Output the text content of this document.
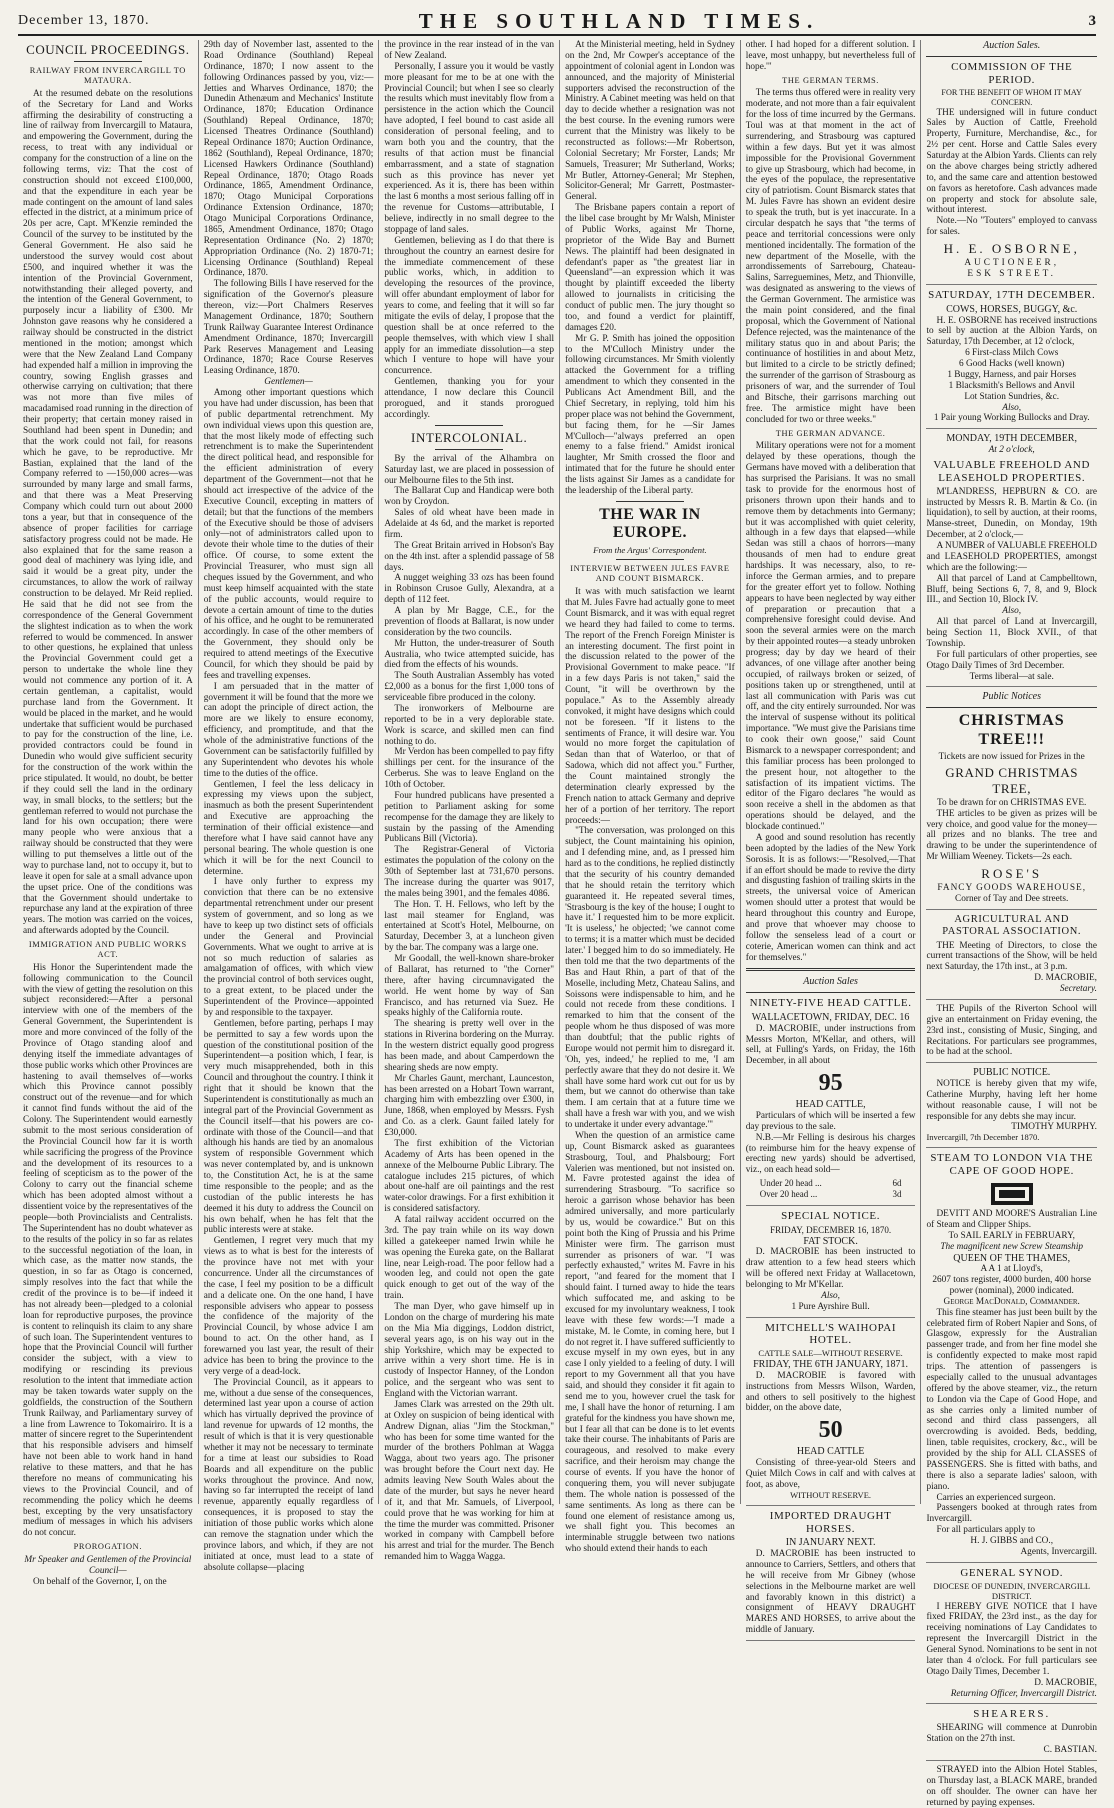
December 13, 1870.	THE SOUTHLAND TIMES.	3
COUNCIL PROCEEDINGS.
RAILWAY FROM INVERCARGILL TO MATAURA.

At the resumed debate on the resolutions of the Secretary for Land and Works affirming the desirability of constructing a line of railway from Invercargill to Mataura, and empowering the Government, during the recess, to treat with any individual or company for the construction of a line on the following terms, viz: That the cost of construction should not exceed £100,000, and that the expenditure in each year be made contingent on the amount of land sales effected in the district, at a minimum price of 20s per acre, Capt. M'Kenzie reminded the Council of the survey to be instituted by the General Government. He also said he understood the survey would cost about £500, and inquired whether it was the intention of the Provincial Government, notwithstanding their alleged poverty, and the intention of the General Government, to purposely incur a liability of £300. Mr Johnston gave reasons why he considered a railway should be constructed in the district mentioned in the motion; amongst which were that the New Zealand Land Company had expended half a million in improving the country, sowing English grasses and otherwise carrying on cultivation; that there was not more than five miles of macadamised road running in the direction of their property; that certain money raised in Southland had been spent in Dunedin; and that the work could not fail, for reasons which he gave, to be reproductive. Mr Bastian, explained that the land of the Company referred to —150,000 acres—was surrounded by many large and small farms, and that there was a Meat Preserving Company which could turn out about 2000 tons a year, but that in consequence of the absence of proper facilities for carriage satisfactory progress could not be made. He also explained that for the same reason a good deal of machinery was lying idle, and said it would be a great pity, under the circumstances, to allow the work of railway construction to be delayed. Mr Reid replied. He said that he did not see from the correspondence of the General Government the slightest indication as to when the work referred to would be commenced. In answer to other questions, he explained that unless the Provincial Government could get a person to undertake the whole line they would not commence any portion of it. A certain gentleman, a capitalist, would purchase land from the Government. It would be placed in the market, and he would undertake that sufficient would be purchased to pay for the construction of the line, i.e. provided contractors could be found in Dunedin who would give sufficient security for the construction of the work within the price stipulated. It would, no doubt, be better if they could sell the land in the ordinary way, in small blocks, to the settlers; but the gentleman referred to would not purchase the land for his own occupation; there were many people who were anxious that a railway should be constructed that they were willing to put themselves a little out of the way to purchase land, not to occupy it, but to leave it open for sale at a small advance upon the upset price. One of the conditions was that the Government should undertake to repurchase any land at the expiration of three years. The motion was carried on the voices, and afterwards adopted by the Council.

IMMIGRATION AND PUBLIC WORKS ACT.

His Honor the Superintendent made the following communication to the Council with the view of getting the resolution on this subject reconsidered:—After a personal interview with one of the members of the General Government, the Superintendent is more and more convinced of the folly of the Province of Otago standing aloof and denying itself the immediate advantages of those public works which other Provinces are hastening to avail themselves of—works which this Province cannot possibly construct out of the revenue—and for which it cannot find funds without the aid of the Colony. The Superintendent would earnestly submit to the most serious consideration of the Provincial Council how far it is worth while sacrificing the progress of the Province and the development of its resources to a feeling of scepticism as to the power of the Colony to carry out the financial scheme which has been adopted almost without a dissentient voice by the representatives of the people—both Provincialists and Centralists. The Superintendent has no doubt whatever as to the results of the policy in so far as relates to the successful negotiation of the loan, in which case, as the matter now stands, the question, in so far as Otago is concerned, simply resolves into the fact that while the credit of the province is to be—if indeed it has not already been—pledged to a colonial loan for reproductive purposes, the province is content to relinquish its claim to any share of such loan. The Superintendent ventures to hope that the Provincial Council will further consider the subject, with a view to modifying or rescinding its previous resolution to the intent that immediate action may be taken towards water supply on the goldfields, the construction of the Southern Trunk Railway, and Parliamentary survey of a line from Lawrence to Tokomairiro. It is a matter of sincere regret to the Superintendent that his responsible advisers and himself have not been able to work hand in hand relative to these matters, and that he has therefore no means of communicating his views to the Provincial Council, and of recommending the policy which he deems best, excepting by the very unsatisfactory medium of messages in which his advisers do not concur.

PROROGATION.

Mr Speaker and Gentlemen of the Provincial Council—

On behalf of the Governor, I, on the

29th day of November last, assented to the Road Ordinance (Southland) Repeal Ordinance, 1870; I now assent to the following Ordinances passed by you, viz:—Jetties and Wharves Ordinance, 1870; the Dunedin Athenæum and Mechanics' Institute Ordinance, 1870; Education Ordinance (Southland) Repeal Ordinance, 1870; Licensed Theatres Ordinance (Southland) Repeal Ordinance 1870; Auction Ordinance, 1862 (Southland), Repeal Ordinance, 1870; Licensed Hawkers Ordinance (Southland) Repeal Ordinance, 1870; Otago Roads Ordinance, 1865, Amendment Ordinance, 1870; Otago Municipal Corporations Ordinance Extension Ordinance, 1870; Otago Municipal Corporations Ordinance, 1865, Amendment Ordinance, 1870; Otago Representation Ordinance (No. 2) 1870; Appropriation Ordinance (No. 2) 1870-71; Licensing Ordinance (Southland) Repeal Ordinance, 1870.

The following Bills I have reserved for the signification of the Governor's pleasure thereon, viz:—Port Chalmers Reserves Management Ordinance, 1870; Southern Trunk Railway Guarantee Interest Ordinance Amendment Ordinance, 1870; Invercargill Park Reserves Management and Leasing Ordinance, 1870; Race Course Reserves Leasing Ordinance, 1870.

Gentlemen—

Among other important questions which you have had under discussion, has been that of public departmental retrenchment. My own individual views upon this question are, that the most likely mode of effecting such retrenchment is to make the Superintendent the direct political head, and responsible for the efficient administration of every department of the Government—not that he should act irrespective of the advice of the Executive Council, excepting in matters of detail; but that the functions of the members of the Executive should be those of advisers only—not of administrators called upon to devote their whole time to the duties of their office. Of course, to some extent the Provincial Treasurer, who must sign all cheques issued by the Government, and who must keep himself acquainted with the state of the public accounts, would require to devote a certain amount of time to the duties of his office, and he ought to be remunerated accordingly. In case of the other members of the Government, they should only be required to attend meetings of the Executive Council, for which they should be paid by fees and travelling expenses.

I am persuaded that in the matter of government it will be found that the more we can adopt the principle of direct action, the more are we likely to ensure economy, efficiency, and promptitude, and that the whole of the administrative functions of the Government can be satisfactorily fulfilled by any Superintendent who devotes his whole time to the duties of the office.

Gentlemen, I feel the less delicacy in expressing my views upon the subject, inasmuch as both the present Superintendent and Executive are approaching the termination of their official existence—and therefore what I have said cannot have any personal bearing. The whole question is one which it will be for the next Council to determine.

I have only further to express my conviction that there can be no extensive departmental retrenchment under our present system of government, and so long as we have to keep up two distinct sets of officials under the General and Provincial Governments. What we ought to arrive at is not so much reduction of salaries as amalgamation of offices, with which view the provincial control of both services ought, to a great extent, to be placed under the Superintendent of the Province—appointed by and responsible to the taxpayer.

Gentlemen, before parting, perhaps I may be permitted to say a few words upon the question of the constitutional position of the Superintendent—a position which, I fear, is very much misapprehended, both in this Council and throughout the country. I think it right that it should be known that the Superintendent is constitutionally as much an integral part of the Provincial Government as the Council itself—that his powers are co-ordinate with those of the Council—and that although his hands are tied by an anomalous system of responsible Government which was never contemplated by, and is unknown to, the Constitution Act, he is at the same time responsible to the people; and as the custodian of the public interests he has deemed it his duty to address the Council on his own behalf, when he has felt that the public interests were at stake.

Gentlemen, I regret very much that my views as to what is best for the interests of the province have not met with your concurrence. Under all the circumstances of the case, I feel my position to be a difficult and a delicate one. On the one hand, I have responsible advisers who appear to possess the confidence of the majority of the Provincial Council, by whose advice I am bound to act. On the other hand, as I forewarned you last year, the result of their advice has been to bring the province to the very verge of a dead-lock.

The Provincial Council, as it appears to me, without a due sense of the consequences, determined last year upon a course of action which has virtually deprived the province of land revenue for upwards of 12 months, the result of which is that it is very questionable whether it may not be necessary to terminate for a time at least our subsidies to Road Boards and all expenditure on the public works throughout the province. And now, having so far interrupted the receipt of land revenue, apparently equally regardless of consequences, it is proposed to stay the initiation of those public works which alone can remove the stagnation under which the province labors, and which, if they are not initiated at once, must lead to a state of absolute collapse—placing

the province in the rear instead of in the van of New Zealand.

Personally, I assure you it would be vastly more pleasant for me to be at one with the Provincial Council; but when I see so clearly the results which must inevitably flow from a persistence in the action which the Council have adopted, I feel bound to cast aside all consideration of personal feeling, and to warn both you and the country, that the results of that action must be financial embarrassment, and a state of stagnation such as this province has never yet experienced. As it is, there has been within the last 6 months a most serious falling off in the revenue for Customs—attributable, I believe, indirectly in no small degree to the stoppage of land sales.

Gentlemen, believing as I do that there is throughout the country an earnest desire for the immediate commencement of these public works, which, in addition to developing the resources of the province, will offer abundant employment of labor for years to come, and feeling that it will so far mitigate the evils of delay, I propose that the question shall be at once referred to the people themselves, with which view I shall apply for an immediate dissolution—a step which I venture to hope will have your concurrence.

Gentlemen, thanking you for your attendance, I now declare this Council prorogued, and it stands prorogued accordingly.

INTERCOLONIAL.

By the arrival of the Alhambra on Saturday last, we are placed in possession of our Melbourne files to the 5th inst.

The Ballarat Cup and Handicap were both won by Croydon.

Sales of old wheat have been made in Adelaide at 4s 6d, and the market is reported firm.

The Great Britain arrived in Hobson's Bay on the 4th inst. after a splendid passage of 58 days.

A nugget weighing 33 ozs has been found in Robinson Crusoe Gully, Alexandra, at a depth of 112 feet.

A plan by Mr Bagge, C.E., for the prevention of floods at Ballarat, is now under consideration by the two councils.

Mr Hutton, the under-treasurer of South Australia, who twice attempted suicide, has died from the effects of his wounds.

The South Australian Assembly has voted £2,000 as a bonus for the first 1,000 tons of serviceable fibre produced in the colony.

The ironworkers of Melbourne are reported to be in a very deplorable state. Work is scarce, and skilled men can find nothing to do.

Mr Verdon has been compelled to pay fifty shillings per cent. for the insurance of the Cerberus. She was to leave England on the 10th of October.

Four hundred publicans have presented a petition to Parliament asking for some recompense for the damage they are likely to sustain by the passing of the Amending Publicans Bill (Victoria).

The Registrar-General of Victoria estimates the population of the colony on the 30th of September last at 731,670 persons. The increase during the quarter was 9017, the males being 3901, and the females 4086.

The Hon. T. H. Fellows, who left by the last mail steamer for England, was entertained at Scott's Hotel, Melbourne, on Saturday, December 3, at a luncheon given by the bar. The company was a large one.

Mr Goodall, the well-known share-broker of Ballarat, has returned to "the Corner" there, after having circumnavigated the world. He went home by way of San Francisco, and has returned via Suez. He speaks highly of the California route.

The shearing is pretty well over in the stations in Riverina bordering on the Murray. In the western district equally good progress has been made, and about Camperdown the shearing sheds are now empty.

Mr Charles Gaunt, merchant, Launceston, has been arrested on a Hobart Town warrant, charging him with embezzling over £300, in June, 1868, when employed by Messrs. Fysh and Co. as a clerk. Gaunt failed lately for £30,000.

The first exhibition of the Victorian Academy of Arts has been opened in the annexe of the Melbourne Public Library. The catalogue includes 215 pictures, of which about one-half are oil paintings and the rest water-color drawings. For a first exhibition it is considered satisfactory.

A fatal railway accident occurred on the 3rd. The pay train while on its way down killed a gatekeeper named Irwin while he was opening the Eureka gate, on the Ballarat line, near Leigh-road. The poor fellow had a wooden leg, and could not open the gate quick enough to get out of the way of the train.

The man Dyer, who gave himself up in London on the charge of murdering his mate on the Mia Mia diggings, Loddon district, several years ago, is on his way out in the ship Yorkshire, which may be expected to arrive within a very short time. He is in custody of Inspector Hanney, of the London police, and the sergeant who was sent to England with the Victorian warrant.

James Clark was arrested on the 29th ult. at Oxley on suspicion of being identical with Andrew Dignan, alias "Jim the Stockman," who has been for some time wanted for the murder of the brothers Pohlman at Wagga Wagga, about two years ago. The prisoner was brought before the Court next day. He admits leaving New South Wales about the date of the murder, but says he never heard of it, and that Mr. Samuels, of Liverpool, could prove that he was working for him at the time the murder was committed. Prisoner worked in company with Campbell before his arrest and trial for the murder. The Bench remanded him to Wagga Wagga.

At the Ministerial meeting, held in Sydney on the 2nd, Mr Cowper's acceptance of the appointment of colonial agent in London was announced, and the majority of Ministerial supporters advised the reconstruction of the Ministry. A Cabinet meeting was held on that day to decide whether a resignation was not the best course. In the evening rumors were current that the Ministry was likely to be reconstructed as follows:—Mr Robertson, Colonial Secretary; Mr Forster, Lands; Mr Samuels, Treasurer; Mr Sutherland, Works; Mr Butler, Attorney-General; Mr Stephen, Solicitor-General; Mr Garrett, Postmaster-General.

The Brisbane papers contain a report of the libel case brought by Mr Walsh, Minister of Public Works, against Mr Thorne, proprietor of the Wide Bay and Burnett News. The plaintiff had been designated in defendant's paper as "the greatest liar in Queensland"—an expression which it was thought by plaintiff exceeded the liberty allowed to journalists in criticising the conduct of public men. The jury thought so too, and found a verdict for plaintiff, damages £20.

Mr G. P. Smith has joined the opposition to the M'Culloch Ministry under the following circumstances. Mr Smith violently attacked the Government for a trifling amendment to which they consented in the Publicans Act Amendment Bill, and the Chief Secretary, in replying, told him his proper place was not behind the Government, but facing them, for he —Sir James M'Culloch—"always preferred an open enemy to a false friend." Amidst ironical laughter, Mr Smith crossed the floor and intimated that for the future he should enter the lists against Sir James as a candidate for the leadership of the Liberal party.

THE WAR IN EUROPE.
From the Argus' Correspondent.
INTERVIEW BETWEEN JULES FAVRE AND COUNT BISMARCK.

It was with much satisfaction we learnt that M. Jules Favre had actually gone to meet Count Bismarck, and it was with equal regret we heard they had failed to come to terms. The report of the French Foreign Minister is an interesting document. The first point in the discussion related to the power of the Provisional Government to make peace. "If in a few days Paris is not taken," said the Count, "it will be overthrown by the populace." As to the Assembly already convoked, it might have designs which could not be foreseen. "If it listens to the sentiments of France, it will desire war. You would no more forget the capitulation of Sedan than that of Waterloo, or that of Sadowa, which did not affect you." Further, the Count maintained strongly the determination clearly expressed by the French nation to attack Germany and deprive her of a portion of her territory. The report proceeds:—

"The conversation, was prolonged on this subject, the Count maintaining his opinion, and I defending mine, and, as I pressed him hard as to the conditions, he replied distinctly that the security of his country demanded that he should retain the territory which guaranteed it. He repeated several times, 'Strasbourg is the key of the house; I ought to have it.' I requested him to be more explicit. 'It is useless,' he objected; 'we cannot come to terms; it is a matter which must be decided later.' I begged him to do so immediately. He then told me that the two departments of the Bas and Haut Rhin, a part of that of the Moselle, including Metz, Chateau Salins, and Soissons were indispensable to him, and he could not recede from these conditions. I remarked to him that the consent of the people whom he thus disposed of was more than doubtful; that the public rights of Europe would not permit him to disregard it. 'Oh, yes, indeed,' he replied to me, 'I am perfectly aware that they do not desire it. We shall have some hard work cut out for us by them, but we cannot do otherwise than take them. I am certain that at a future time we shall have a fresh war with you, and we wish to undertake it under every advantage.'"

When the question of an armistice came up, Count Bismarck asked as guarantees Strasbourg, Toul, and Phalsbourg; Fort Valerien was mentioned, but not insisted on. M. Favre protested against the idea of surrendering Strasbourg. "To sacrifice so heroic a garrison whose behavior has been admired universally, and more particularly by us, would be cowardice." But on this point both the King of Prussia and his Prime Minister were firm. The garrison must surrender as prisoners of war. "I was perfectly exhausted," writes M. Favre in his report, "and feared for the moment that I should faint. I turned away to hide the tears which suffocated me, and asking to be excused for my involuntary weakness, I took leave with these few words:—'I made a mistake, M. le Comte, in coming here, but I do not regret it. I have suffered sufficiently to excuse myself in my own eyes, but in any case I only yielded to a feeling of duty. I will report to my Government all that you have said, and should they consider it fit again to send me to you, however cruel the task for me, I shall have the honor of returning. I am grateful for the kindness you have shown me, but I fear all that can be done is to let events take their course. The inhabitants of Paris are courageous, and resolved to make every sacrifice, and their heroism may change the course of events. If you have the honor of conquering them, you will never subjugate them. The whole nation is possessed of the same sentiments. As long as there can be found one element of resistance among us, we shall fight you. This becomes an interminable struggle between two nations who should extend their hands to each

other. I had hoped for a different solution. I leave, most unhappy, but nevertheless full of hope.'"

THE GERMAN TERMS.

The terms thus offered were in reality very moderate, and not more than a fair equivalent for the loss of time incurred by the Germans. Toul was at that moment in the act of surrendering, and Strasbourg was captured within a few days. But yet it was almost impossible for the Provisional Government to give up Strasbourg, which had become, in the eyes of the populace, the representative city of patriotism. Count Bismarck states that M. Jules Favre has shown an evident desire to speak the truth, but is yet inaccurate. In a circular despatch he says that "the terms of peace and territorial concessions were only mentioned incidentally. The formation of the new department of the Moselle, with the arrondissements of Sarrebourg, Chateau-Salins, Sarreguemines, Metz, and Thionville, was designated as answering to the views of the German Government. The armistice was the main point considered, and the final proposal, which the Government of National Defence rejected, was the maintenance of the military status quo in and about Paris; the continuance of hostilities in and about Metz, but limited to a circle to be strictly defined; the surrender of the garrison of Strasbourg as prisoners of war, and the surrender of Toul and Bitsche, their garrisons marching out free. The armistice might have been concluded for two or three weeks."

THE GERMAN ADVANCE.

Military operations were not for a moment delayed by these operations, though the Germans have moved with a deliberation that has surprised the Parisians. It was no small task to provide for the enormous host of prisoners thrown upon their hands and to remove them by detachments into Germany; but it was accomplished with quiet celerity, although in a few days that elapsed—while Sedan was still a chaos of horrors—many thousands of men had to endure great hardships. It was necessary, also, to re-inforce the German armies, and to prepare for the greater effort yet to follow. Nothing appears to have been neglected by way either of preparation or precaution that a comprehensive foresight could devise. And soon the several armies were on the march by their appointed routes—a steady unbroken progress; day by day we heard of their advances, of one village after another being occupied, of railways broken or seized, of positions taken up or strengthened, until at last all communication with Paris was cut off, and the city entirely surrounded. Nor was the interval of suspense without its political importance. "We must give the Parisians time to cook their own goose," said Count Bismarck to a newspaper correspondent; and this familiar process has been prolonged to the present hour, not altogether to the satisfaction of its impatient victims. The editor of the Figaro declares "he would as soon receive a shell in the abdomen as that operations should be delayed, and the blockade continued."

A good and sound resolution has recently been adopted by the ladies of the New York Sorosis. It is as follows:—"Resolved,—That if an effort should be made to revive the dirty and disgusting fashion of trailing skirts in the streets, the universal voice of American women should utter a protest that would be heard throughout this country and Europe, and prove that whoever may choose to follow the senseless lead of a court or coterie, American women can think and act for themselves."

Auction Sales
NINETY-FIVE HEAD CATTLE.
WALLACETOWN, FRIDAY, DEC. 16

D. MACROBIE, under instructions from Messrs Morton, M'Kellar, and others, will sell, at Fulling's Yards, on Friday, the 16th December, in all about

95
HEAD CATTLE,

Particulars of which will be inserted a few day previous to the sale.

N.B.—Mr Felling is desirous his charges (to reimburse him for the heavy expense of erecting new yards) should be advertised, viz., on each head sold—

Under 20 head ...	6d
Over 20 head ...	3d
SPECIAL NOTICE.
FRIDAY, DECEMBER 16, 1870.
FAT STOCK.

D. MACROBIE has been instructed to draw attention to a few head steers which will be offered next Friday at Wallacetown, belonging to Mr M'Kellar.

Also,
1 Pure Ayrshire Bull.
MITCHELL'S WAIHOPAI HOTEL.
CATTLE SALE—WITHOUT RESERVE.
FRIDAY, THE 6TH JANUARY, 1871.

D. MACROBIE is favored with instructions from Messrs Wilson, Warden, and others to sell positively to the highest bidder, on the above date,

50
HEAD CATTLE

Consisting of three-year-old Steers and Quiet Milch Cows in calf and with calves at foot, as above,

WITHOUT RESERVE.
IMPORTED DRAUGHT HORSES.
IN JANUARY NEXT.

D. MACROBIE has been instructed to announce to Carriers, Settlers, and others that he will receive from Mr Gibney (whose selections in the Melbourne market are well and favorably known in this district) a consignment of HEAVY DRAUGHT MARES AND HORSES, to arrive about the middle of January.

Auction Sales.
COMMISSION OF THE PERIOD.
FOR THE BENEFIT OF WHOM IT MAY CONCERN.

THE undersigned will in future conduct Sales by Auction of Cattle, Freehold Property, Furniture, Merchandise, &c., for 2½ per cent. Horse and Cattle Sales every Saturday at the Albion Yards. Clients can rely on the above charges being strictly adhered to, and the same care and attention bestowed on favors as heretofore. Cash advances made on property and stock for absolute sale, without interest.

Note.—No "Touters" employed to canvass for sales.

H. E. OSBORNE,
AUCTIONEER,
ESK STREET.
SATURDAY, 17TH DECEMBER.
COWS, HORSES, BUGGY, &c.

H. E. OSBORNE has received instructions to sell by auction at the Albion Yards, on Saturday, 17th December, at 12 o'clock,

6 First-class Milch Cows
6 Good Hacks (well known)
1 Buggy, Harness, and pair Horses
1 Blacksmith's Bellows and Anvil
Lot Station Sundries, &c.
Also,
1 Pair young Working Bullocks and Dray.
MONDAY, 19TH DECEMBER,
At 2 o'clock,
VALUABLE FREEHOLD AND LEASEHOLD PROPERTIES.

M'LANDRESS, HEPBURN & CO. are instructed by Messrs R. B. Martin & Co. (in liquidation), to sell by auction, at their rooms, Manse-street, Dunedin, on Monday, 19th December, at 2 o'clock,—

A NUMBER of VALUABLE FREEHOLD and LEASEHOLD PROPERTIES, amongst which are the following:—

All that parcel of Land at Campbelltown, Bluff, being Sections 6, 7, 8, and 9, Block III., and Section 10, Block IV.

Also,

All that parcel of Land at Invercargill, being Section 11, Block XVII., of that Township.

For full particulars of other properties, see Otago Daily Times of 3rd December.

Terms liberal—at sale.
Public Notices
CHRISTMAS TREE!!!
Tickets are now issued for Prizes in the
GRAND CHRISTMAS TREE,
To be drawn for on CHRISTMAS EVE.

THE articles to be given as prizes will be very choice, and good value for the money—all prizes and no blanks. The tree and drawing to be under the superintendence of Mr William Weeney. Tickets—2s each.

ROSE'S
FANCY GOODS WAREHOUSE,
Corner of Tay and Dee streets.
AGRICULTURAL AND PASTORAL ASSOCIATION.

THE Meeting of Directors, to close the current transactions of the Show, will be held next Saturday, the 17th inst., at 3 p.m.

D. MACROBIE,
Secretary.

THE Pupils of the Riverton School will give an entertainment on Friday evening, the 23rd inst., consisting of Music, Singing, and Recitations. For particulars see programmes, to be had at the school.

PUBLIC NOTICE.

NOTICE is hereby given that my wife, Catherine Murphy, having left her home without reasonable cause, I will not be responsible for any debts she may incur.

TIMOTHY MURPHY.
Invercargill, 7th December 1870.
STEAM TO LONDON VIA THE CAPE OF GOOD HOPE.

DEVITT AND MOORE'S Australian Line of Steam and Clipper Ships.

To SAIL EARLY in FEBRUARY,
The magnificent new Screw Steamship
QUEEN OF THE THAMES,
A A 1 at Lloyd's,
2607 tons register, 4000 burden, 400 horse power (nominal), 2000 indicated.
George MacDonald, Commander.

This fine steamer has just been built by the celebrated firm of Robert Napier and Sons, of Glasgow, expressly for the Australian passenger trade, and from her fine model she is confidently expected to make most rapid trips. The attention of passengers is especially called to the unusual advantages offered by the above steamer, viz., the return to London via the Cape of Good Hope, and as she carries only a limited number of second and third class passengers, all overcrowding is avoided. Beds, bedding, linen, table requisites, crockery, &c., will be provided by the ship for ALL CLASSES of PASSENGERS. She is fitted with baths, and there is also a separate ladies' saloon, with piano.

Carries an experienced surgeon.

Passengers booked at through rates from Invercargill.

For all particulars apply to

H. J. GIBBS and CO.,
Agents, Invercargill.
GENERAL SYNOD.
DIOCESE OF DUNEDIN, INVERCARGILL DISTRICT.

I HEREBY GIVE NOTICE that I have fixed FRIDAY, the 23rd inst., as the day for receiving nominations of Lay Candidates to represent the Invercargill District in the General Synod. Nominations to be sent in not later than 4 o'clock. For full particulars see Otago Daily Times, December 1.

D. MACROBIE,
Returning Officer, Invercargill District.
SHEARERS.

SHEARING will commence at Dunrobin Station on the 27th inst.

C. BASTIAN.

STRAYED into the Albion Hotel Stables, on Thursday last, a BLACK MARE, branded on off shoulder. The owner can have her returned by paying expenses.
